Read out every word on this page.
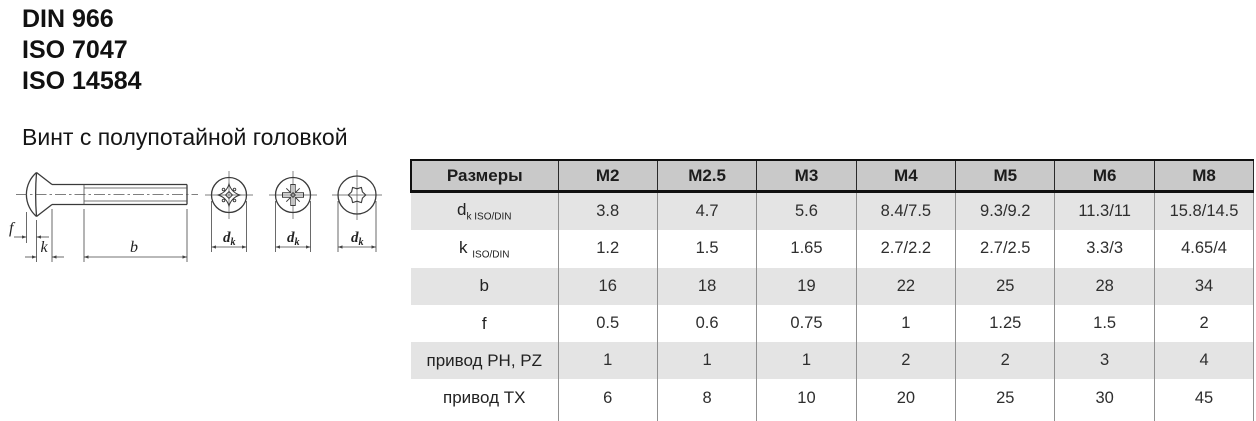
DIN 966
ISO 7047
ISO 14584
Винт с полупотайной головкой
f
k	b
$d_k$	$d_k$	$d_k$
Размеры	M2	M2.5	M3	M4	M5	M6	M8
$d_{k ISO/DIN}$	3.8	4.7	5.6	8.4/7.5	9.3/9.2	11.3/11	15.8/14.5
k $_{ISO/DIN}$	1.2	1.5	1.65	2.7/2.2	2.7/2.5	3.3/3	4.65/4
b	16	18	19	22	25	28	34
f	0.5	0.6	0.75	1	1.25	1.5	2
привод PH, PZ	1	1	1	2	2	3	4
привод TX	6	8	10	20	25	30	45
